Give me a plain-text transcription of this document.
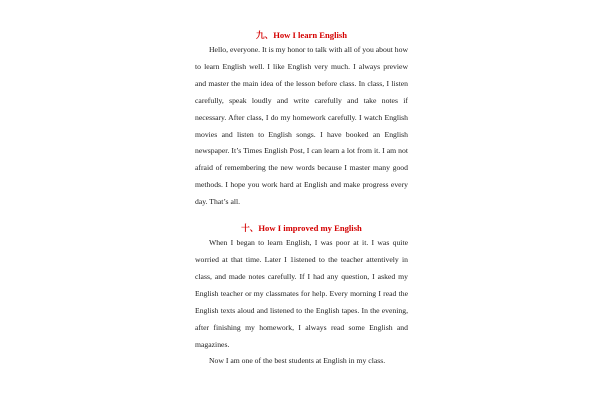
九、How I learn English

Hello, everyone. It is my honor to talk with all of you about how to learn English well. I like English very much. I always preview and master the main idea of the lesson before class. In class, I listen carefully, speak loudly and write carefully and take notes if necessary. After class, I do my homework carefully. I watch English movies and listen to English songs. I have booked an English newspaper. It’s Times English Post, I can learn a lot from it. I am not afraid of remembering the new words because I master many good methods. I hope you work hard at English and make progress every day. That’s all.

十、How I improved my English

When I began to learn English, I was poor at it. I was quite worried at that time. Later I 1istened to the teacher attentively in class, and made notes carefully. If I had any question, I asked my English teacher or my classmates for help. Every morning I read the English texts aloud and listened to the English tapes. In the evening, after finishing my homework, I always read some English and magazines.

Now I am one of the best students at English in my class.
